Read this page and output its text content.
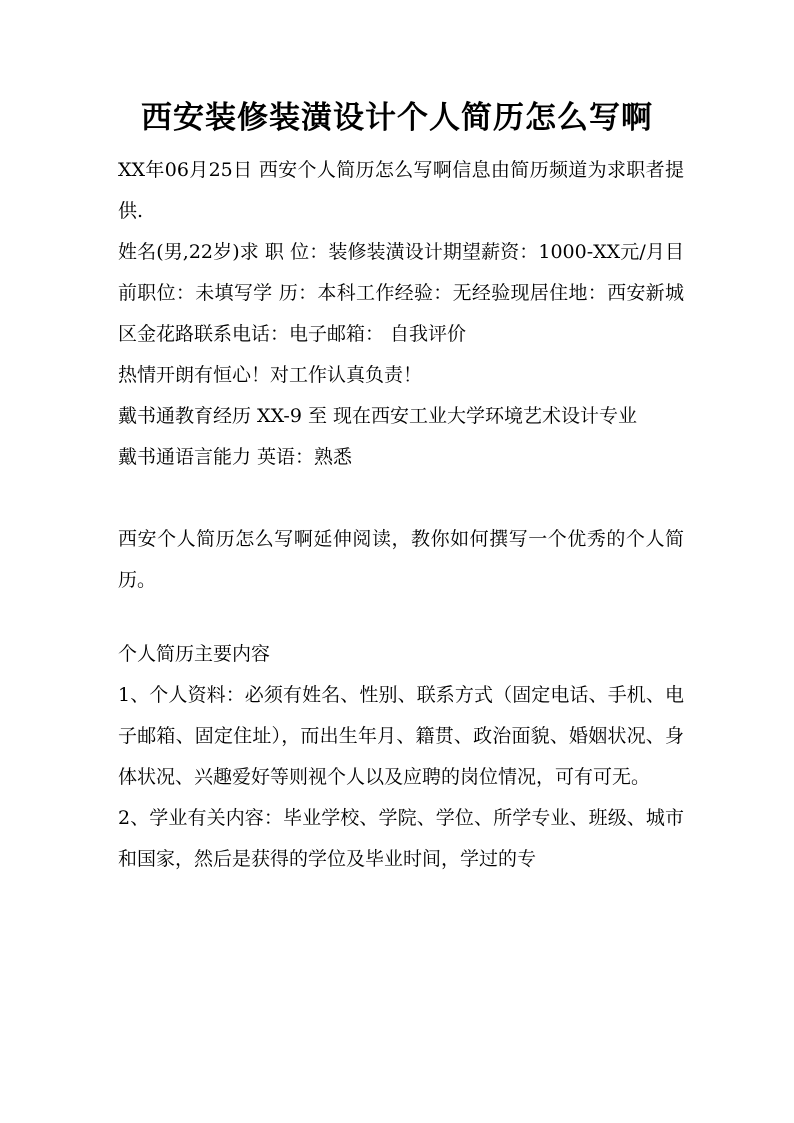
西安装修装潢设计个人简历怎么写啊

XX年06月25日 西安个人简历怎么写啊信息由简历频道为求职者提供.

姓名(男,22岁)求 职 位：装修装潢设计期望薪资：1000-XX元/月目前职位：未填写学 历：本科工作经验：无经验现居住地：西安新城区金花路联系电话：电子邮箱： 自我评价

热情开朗有恒心！对工作认真负责！

戴书通教育经历 XX-9 至 现在西安工业大学环境艺术设计专业

戴书通语言能力 英语：熟悉

西安个人简历怎么写啊延伸阅读，教你如何撰写一个优秀的个人简历。

个人简历主要内容

1、个人资料：必须有姓名、性别、联系方式（固定电话、手机、电子邮箱、固定住址），而出生年月、籍贯、政治面貌、婚姻状况、身体状况、兴趣爱好等则视个人以及应聘的岗位情况，可有可无。

2、学业有关内容：毕业学校、学院、学位、所学专业、班级、城市和国家，然后是获得的学位及毕业时间，学过的专
